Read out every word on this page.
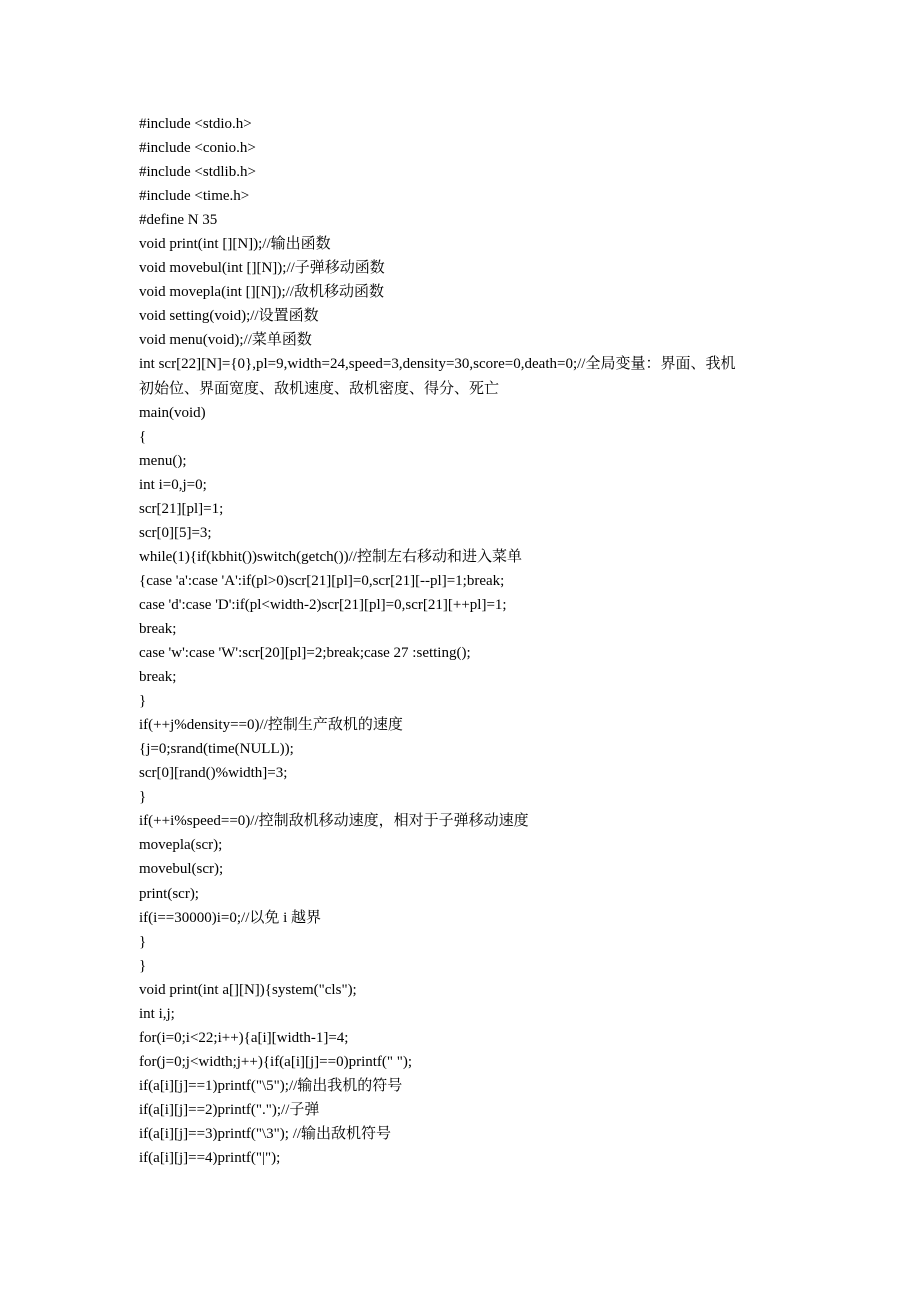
#include <stdio.h>
#include <conio.h>
#include <stdlib.h>
#include <time.h>
#define N 35
void print(int [][N]);//输出函数
void movebul(int [][N]);//子弹移动函数
void movepla(int [][N]);//敌机移动函数
void setting(void);//设置函数
void menu(void);//菜单函数
int scr[22][N]={0},pl=9,width=24,speed=3,density=30,score=0,death=0;//全局变量：界面、我机
初始位、界面宽度、敌机速度、敌机密度、得分、死亡
main(void)
{
menu();
int i=0,j=0;
scr[21][pl]=1;
scr[0][5]=3;
while(1){if(kbhit())switch(getch())//控制左右移动和进入菜单
{case 'a':case 'A':if(pl>0)scr[21][pl]=0,scr[21][--pl]=1;break;
case 'd':case 'D':if(pl<width-2)scr[21][pl]=0,scr[21][++pl]=1;
break;
case 'w':case 'W':scr[20][pl]=2;break;case 27 :setting();
break;
}
if(++j%density==0)//控制生产敌机的速度
{j=0;srand(time(NULL));
scr[0][rand()%width]=3;
}
if(++i%speed==0)//控制敌机移动速度，相对于子弹移动速度
movepla(scr);
movebul(scr);
print(scr);
if(i==30000)i=0;//以免 i 越界
}
}
void print(int a[][N]){system("cls");
int i,j;
for(i=0;i<22;i++){a[i][width-1]=4;
for(j=0;j<width;j++){if(a[i][j]==0)printf(" ");
if(a[i][j]==1)printf("\5");//输出我机的符号
if(a[i][j]==2)printf(".");//子弹
if(a[i][j]==3)printf("\3"); //输出敌机符号
if(a[i][j]==4)printf("|");
